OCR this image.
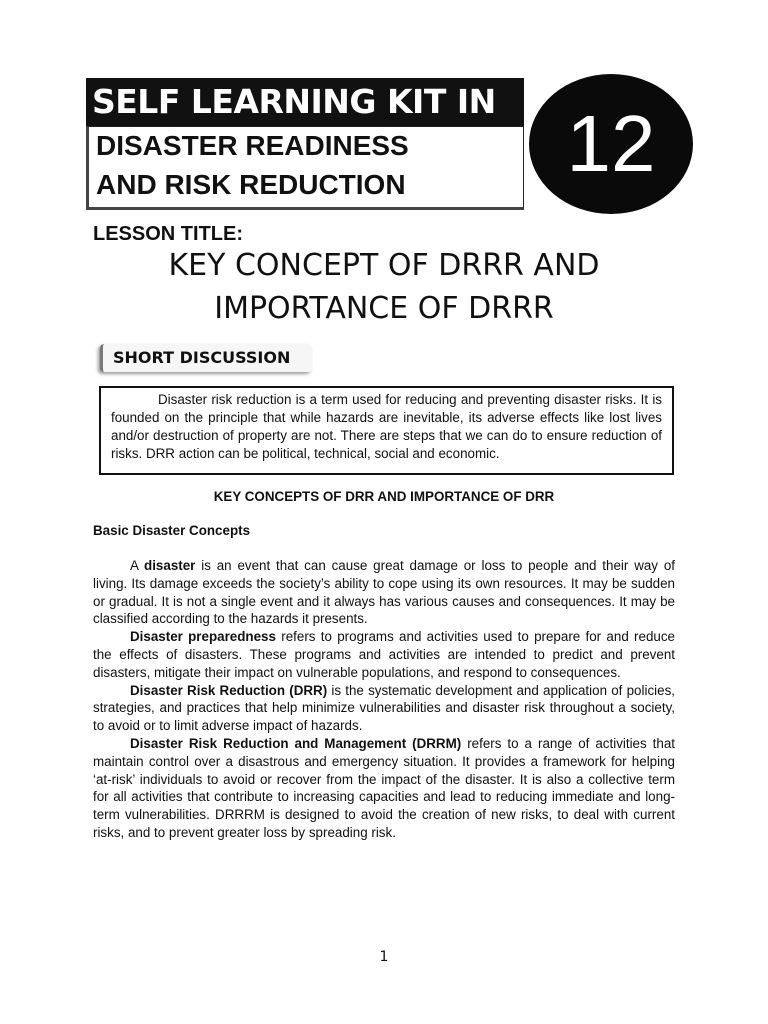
SELF LEARNING KIT IN
DISASTER READINESS
AND RISK REDUCTION	12
LESSON TITLE:
KEY CONCEPT OF DRRR AND
IMPORTANCE OF DRRR
SHORT DISCUSSION

Disaster risk reduction is a term used for reducing and preventing disaster risks. It is founded on the principle that while hazards are inevitable, its adverse effects like lost lives and/or destruction of property are not. There are steps that we can do to ensure reduction of risks. DRR action can be political, technical, social and economic.

KEY CONCEPTS OF DRR AND IMPORTANCE OF DRR
Basic Disaster Concepts

A disaster is an event that can cause great damage or loss to people and their way of living. Its damage exceeds the society’s ability to cope using its own resources. It may be sudden or gradual. It is not a single event and it always has various causes and consequences. It may be classified according to the hazards it presents.

Disaster preparedness refers to programs and activities used to prepare for and reduce the effects of disasters. These programs and activities are intended to predict and prevent disasters, mitigate their impact on vulnerable populations, and respond to consequences.

Disaster Risk Reduction (DRR) is the systematic development and application of policies, strategies, and practices that help minimize vulnerabilities and disaster risk throughout a society, to avoid or to limit adverse impact of hazards.

Disaster Risk Reduction and Management (DRRM) refers to a range of activities that maintain control over a disastrous and emergency situation. It provides a framework for helping ‘at-risk’ individuals to avoid or recover from the impact of the disaster. It is also a collective term for all activities that contribute to increasing capacities and lead to reducing immediate and long-term vulnerabilities. DRRRM is designed to avoid the creation of new risks, to deal with current risks, and to prevent greater loss by spreading risk.

1
